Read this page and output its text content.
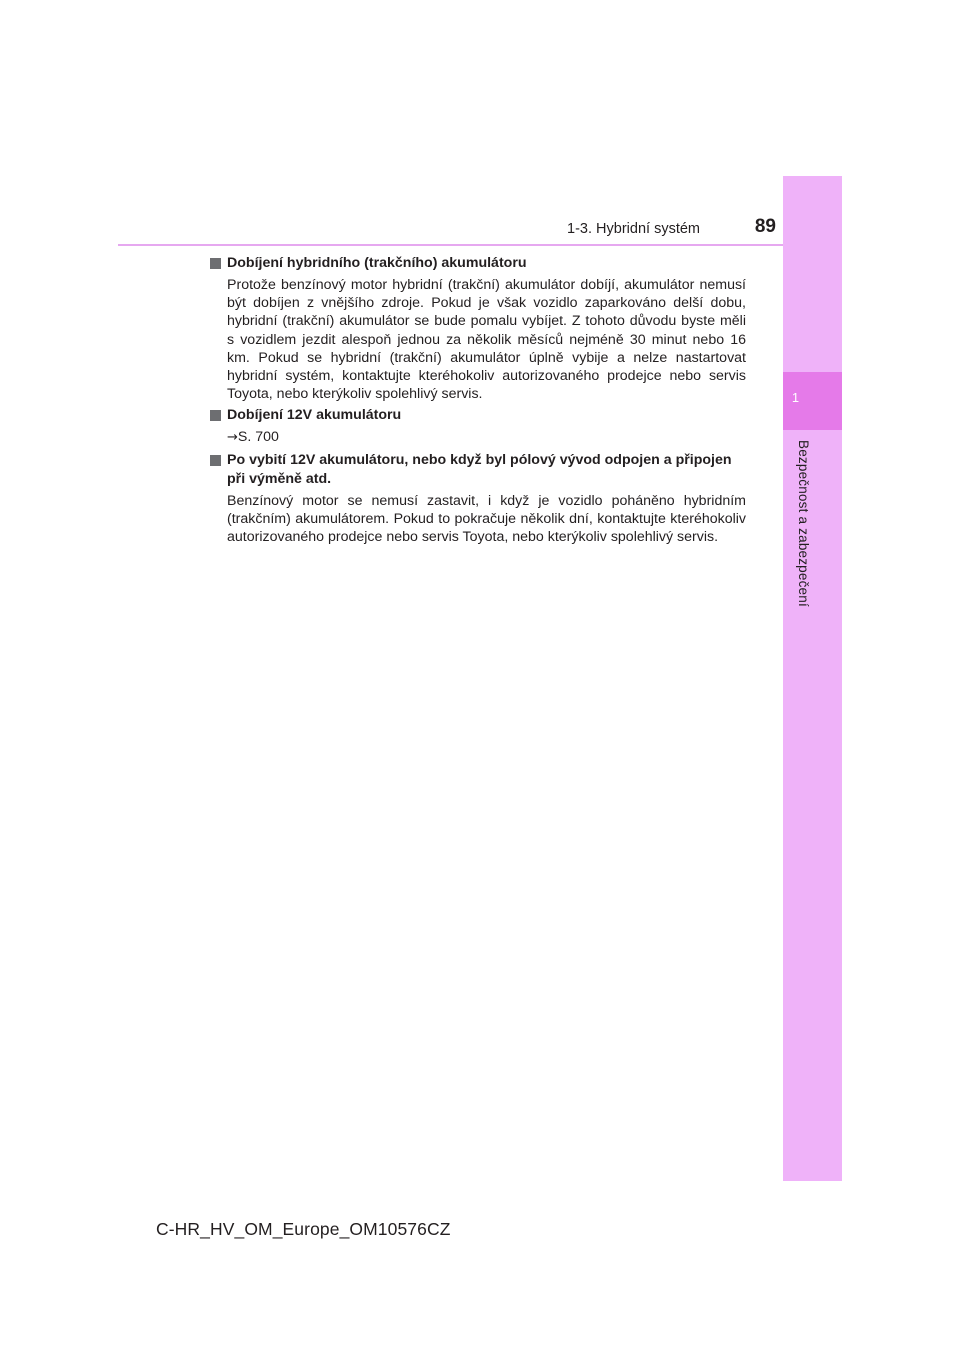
1-3. Hybridní systém	89
1
Bezpečnost a zabezpečení
Dobíjení hybridního (trakčního) akumulátoru

Protože benzínový motor hybridní (trakční) akumulátor dobíjí, akumulátor nemusí být dobíjen z vnějšího zdroje. Pokud je však vozidlo zaparkováno delší dobu, hybridní (trakční) akumulátor se bude pomalu vybíjet. Z tohoto důvodu byste měli s vozidlem jezdit alespoň jednou za několik měsíců nejméně 30 minut nebo 16 km. Pokud se hybridní (trakční) akumulátor úplně vybije a nelze nastartovat hybridní systém, kontaktujte kteréhokoliv autorizovaného prodejce nebo servis Toyota, nebo kterýkoliv spolehlivý servis.

Dobíjení 12V akumulátoru

→S. 700

Po vybití 12V akumulátoru, nebo když byl pólový vývod odpojen a připojen při výměně atd.

Benzínový motor se nemusí zastavit, i když je vozidlo poháněno hybridním (trakčním) akumulátorem. Pokud to pokračuje několik dní, kontaktujte kteréhokoliv autorizovaného prodejce nebo servis Toyota, nebo kterýkoliv spolehlivý servis.

C-HR_HV_OM_Europe_OM10576CZ
